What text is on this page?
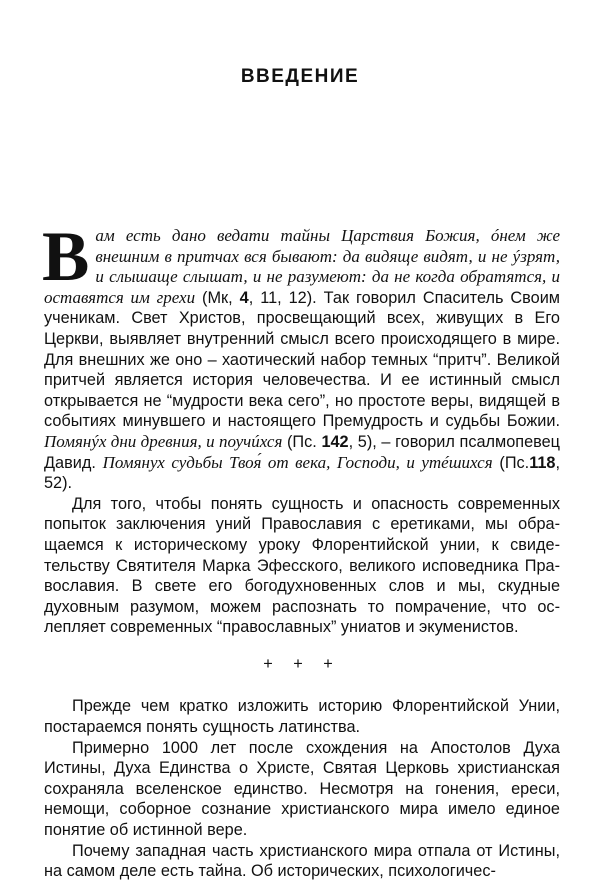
ВВЕДЕНИЕ

Вам есть дано ведати тайны Царствия Божия, óнем же внешним в притчах вся бывают: да видяще видят, и не ýзрят, и слышаще слышат, и не разумеют: да не когда обратятся, и оставятся им грехи (Мк, 4, 11, 12). Так говорил Спаситель Своим ученикам. Свет Христов, просвещающий всех, живущих в Его Церкви, выявляет внутренний смысл всего происходящего в мире. Для внешних же оно – хаотический набор темных “притч”. Великой притчей является история человечества. И ее истинный смысл открывается не “мудрости века сего”, но простоте веры, видящей в событиях минувшего и настоящего Премудрость и судьбы Божии. Помянýх дни древния, и поучúхся (Пс. 142, 5), – говорил псалмопевец Давид. Помянух судьбы Твоя́ от века, Господи, и утéшихся (Пс.118, 52).

Для того, чтобы понять сущность и опасность современных попыток заключения уний Православия с еретиками, мы обращаемся к историческому уроку Флорентийской унии, к свидетельству Святителя Марка Эфесского, великого исповедника Православия. В свете его богодухновенных слов и мы, скудные духовным разумом, можем распознать то помрачение, что ослепляет современных “православных” униатов и экуменистов.

+ + +

Прежде чем кратко изложить историю Флорентийской Унии, постараемся понять сущность латинства.

Примерно 1000 лет после схождения на Апостолов Духа Истины, Духа Единства о Христе, Святая Церковь христианская сохраняла вселенское единство. Несмотря на гонения, ереси, немощи, соборное сознание христианского мира имело единое понятие об истинной вере.

Почему западная часть христианского мира отпала от Истины, на самом деле есть тайна. Об исторических, психологичес-
